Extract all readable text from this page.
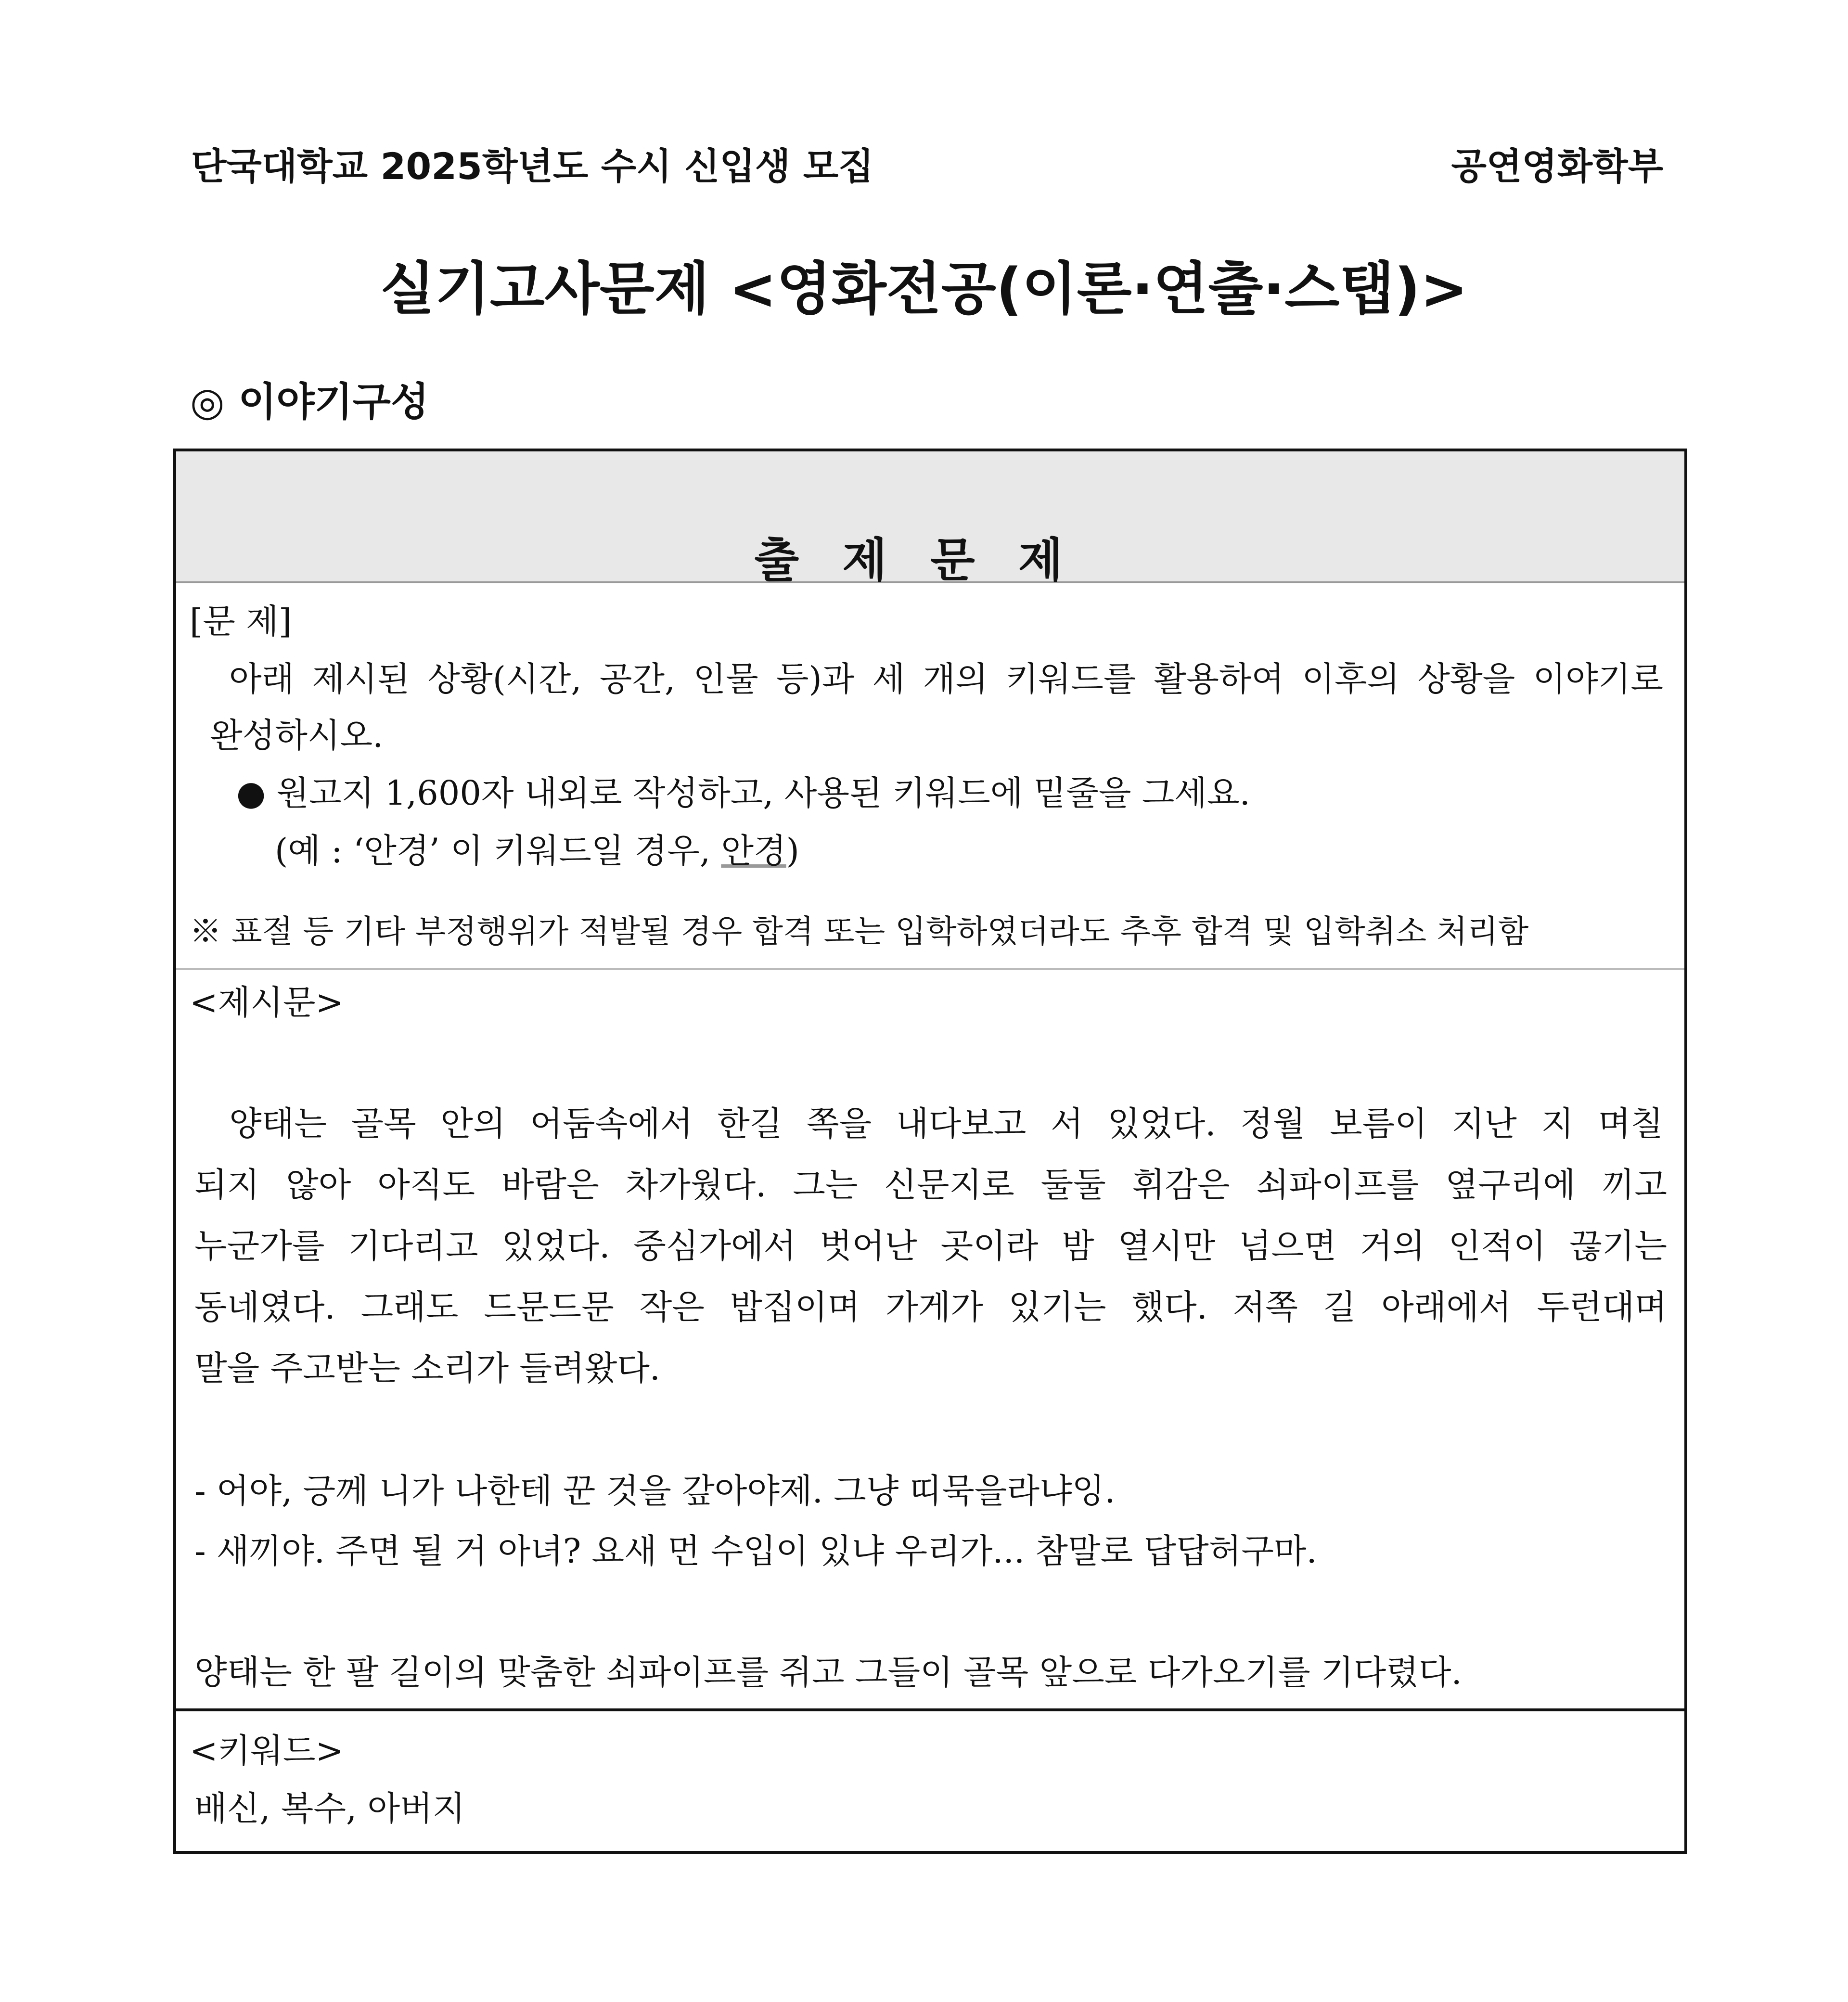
단국대학교 2025학년도 수시 신입생 모집	공연영화학부
실기고사문제 <영화전공(이론·연출·스탭)>
◎ 이야기구성
출제문제
[문 제]
아래 제시된 상황(시간, 공간, 인물 등)과 세 개의 키워드를 활용하여 이후의 상황을 이야기로
완성하시오.
● 원고지 1,600자 내외로 작성하고, 사용된 키워드에 밑줄을 그세요.
(예 : ‘안경’ 이 키워드일 경우, 안경)
※ 표절 등 기타 부정행위가 적발될 경우 합격 또는 입학하였더라도 추후 합격 및 입학취소 처리함
<제시문>
양태는 골목 안의 어둠속에서 한길 쪽을 내다보고 서 있었다. 정월 보름이 지난 지 며칠
되지 않아 아직도 바람은 차가웠다. 그는 신문지로 둘둘 휘감은 쇠파이프를 옆구리에 끼고
누군가를 기다리고 있었다. 중심가에서 벗어난 곳이라 밤 열시만 넘으면 거의 인적이 끊기는
동네였다. 그래도 드문드문 작은 밥집이며 가게가 있기는 했다. 저쪽 길 아래에서 두런대며
말을 주고받는 소리가 들려왔다.
- 어야, 긍께 니가 나한테 꾼 것을 갚아야제. 그냥 띠묵을라냐잉.
- 새끼야. 주면 될 거 아녀? 요새 먼 수입이 있냐 우리가... 참말로 답답허구마.
양태는 한 팔 길이의 맞춤한 쇠파이프를 쥐고 그들이 골목 앞으로 다가오기를 기다렸다.
<키워드>
배신, 복수, 아버지
